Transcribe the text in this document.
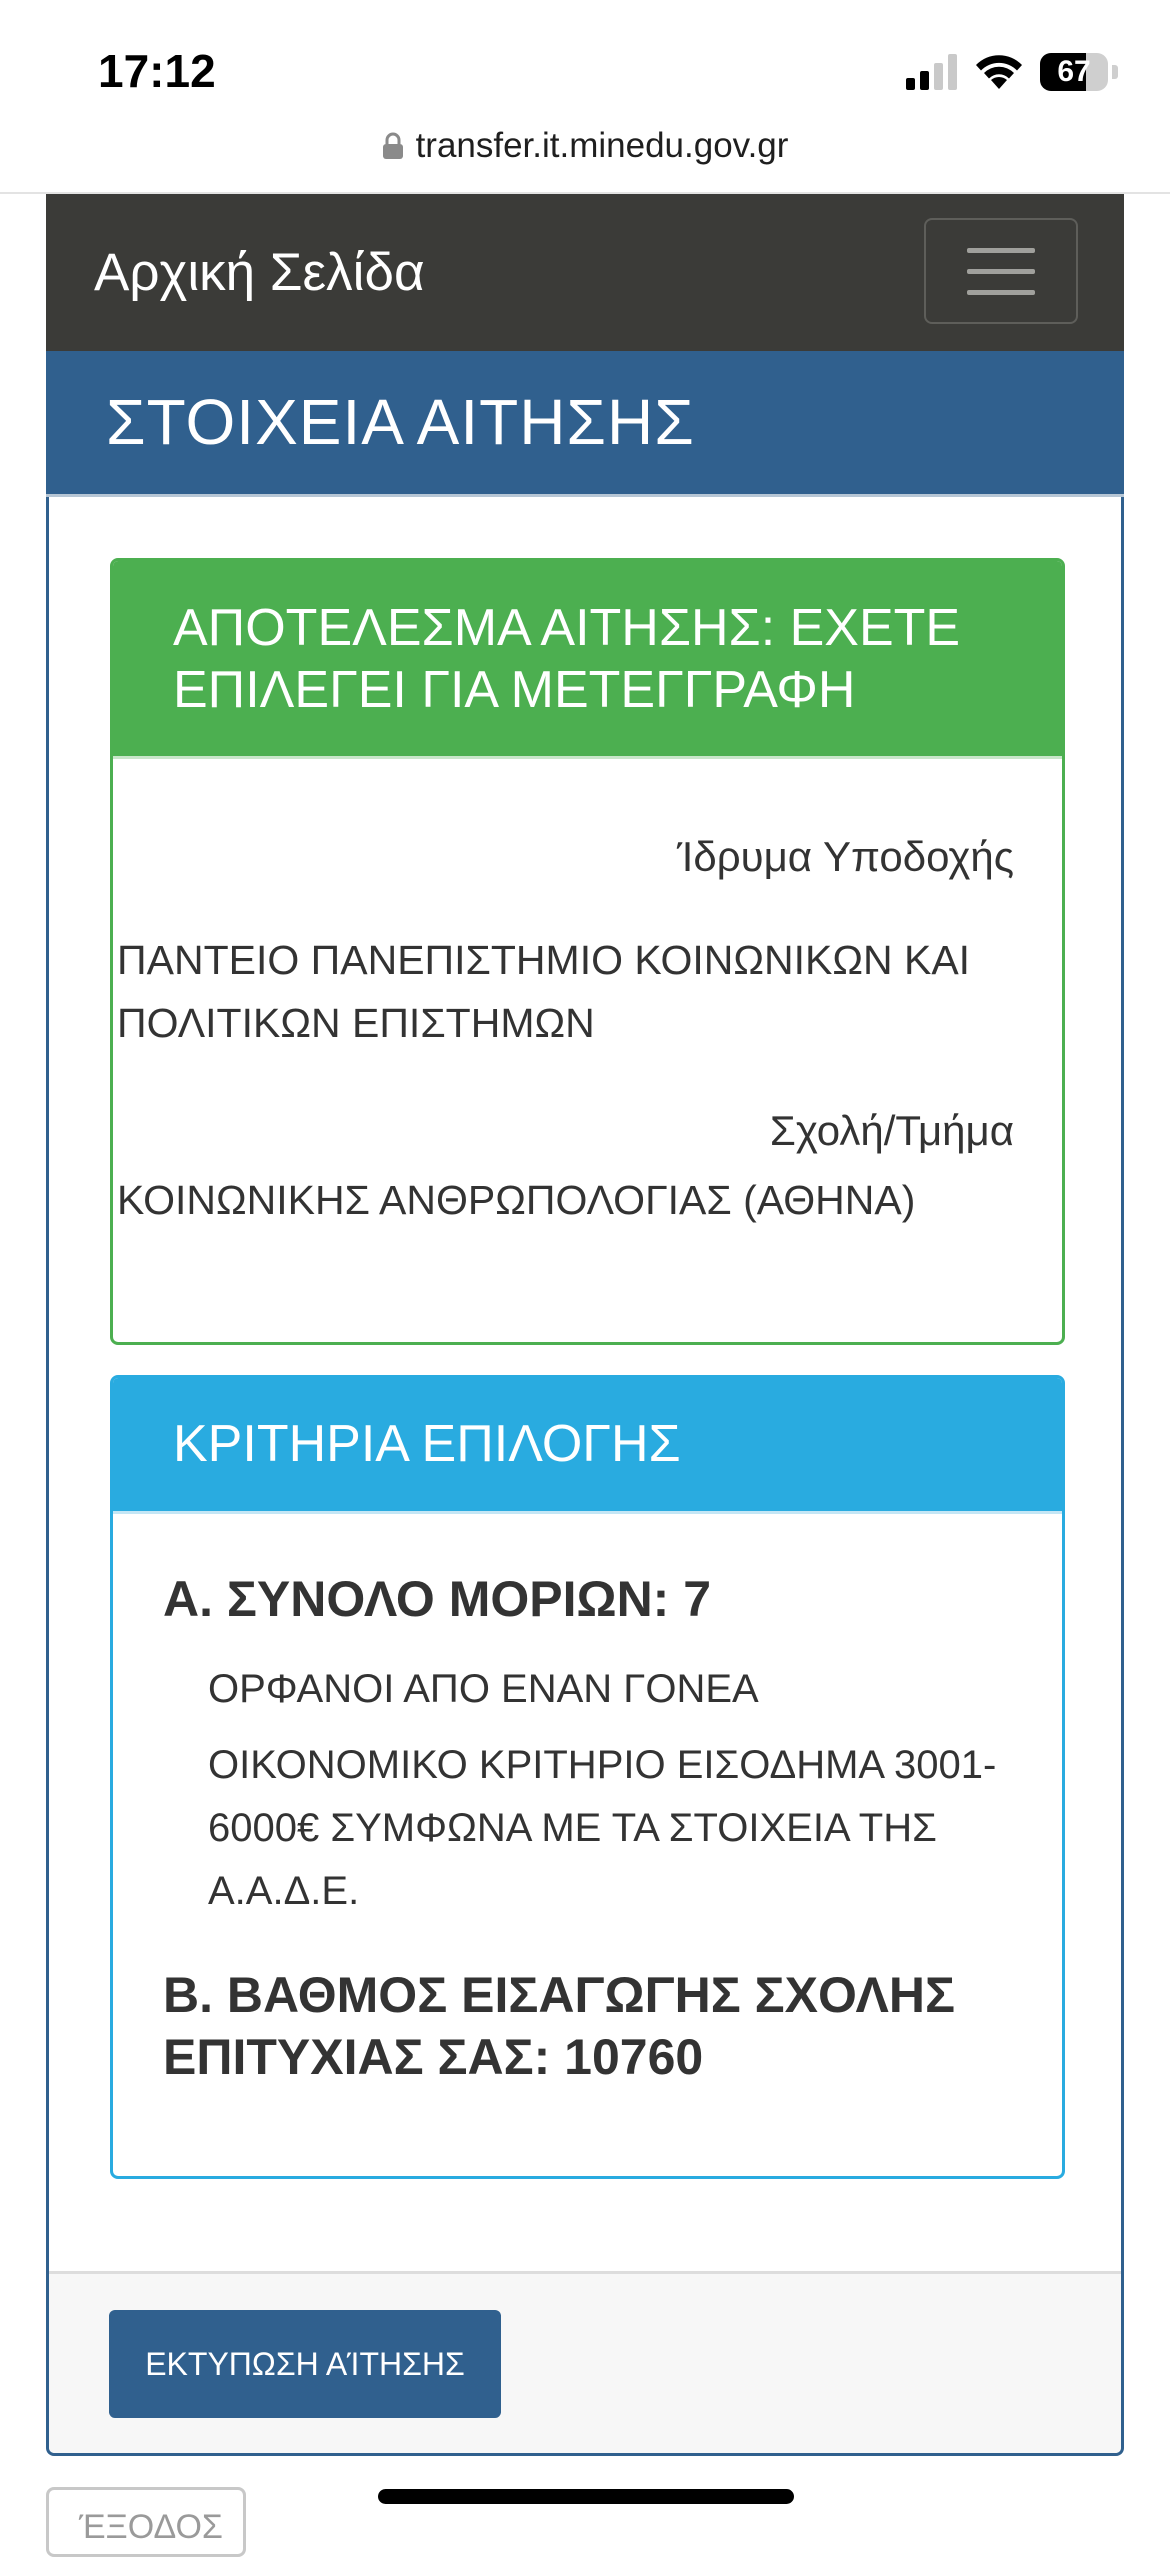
17:12	67
transfer.it.minedu.gov.gr
Αρχική Σελίδα
ΣΤΟΙΧΕΙΑ ΑΙΤΗΣΗΣ
ΑΠΟΤΕΛΕΣΜΑ ΑΙΤΗΣΗΣ: ΕΧΕΤΕ ΕΠΙΛΕΓΕΙ ΓΙΑ ΜΕΤΕΓΓΡΑΦΗ
Ίδρυμα Υποδοχής
ΠΑΝΤΕΙΟ ΠΑΝΕΠΙΣΤΗΜΙΟ ΚΟΙΝΩΝΙΚΩΝ ΚΑΙ ΠΟΛΙΤΙΚΩΝ ΕΠΙΣΤΗΜΩΝ
Σχολή/Τμήμα
ΚΟΙΝΩΝΙΚΗΣ ΑΝΘΡΩΠΟΛΟΓΙΑΣ (ΑΘΗΝΑ)
ΚΡΙΤΗΡΙΑ ΕΠΙΛΟΓΗΣ
Α. ΣΥΝΟΛΟ ΜΟΡΙΩΝ: 7
ΟΡΦΑΝΟΙ ΑΠΟ ΕΝΑΝ ΓΟΝΕΑ
ΟΙΚΟΝΟΜΙΚΟ ΚΡΙΤΗΡΙΟ ΕΙΣΟΔΗΜΑ 3001-6000€ ΣΥΜΦΩΝΑ ΜΕ ΤΑ ΣΤΟΙΧΕΙΑ ΤΗΣ Α.Α.Δ.Ε.
Β. ΒΑΘΜΟΣ ΕΙΣΑΓΩΓΗΣ ΣΧΟΛΗΣ ΕΠΙΤΥΧΙΑΣ ΣΑΣ: 10760
ΕΚΤΥΠΩΣΗ ΑΊΤΗΣΗΣ
ΈΞΟΔΟΣ
